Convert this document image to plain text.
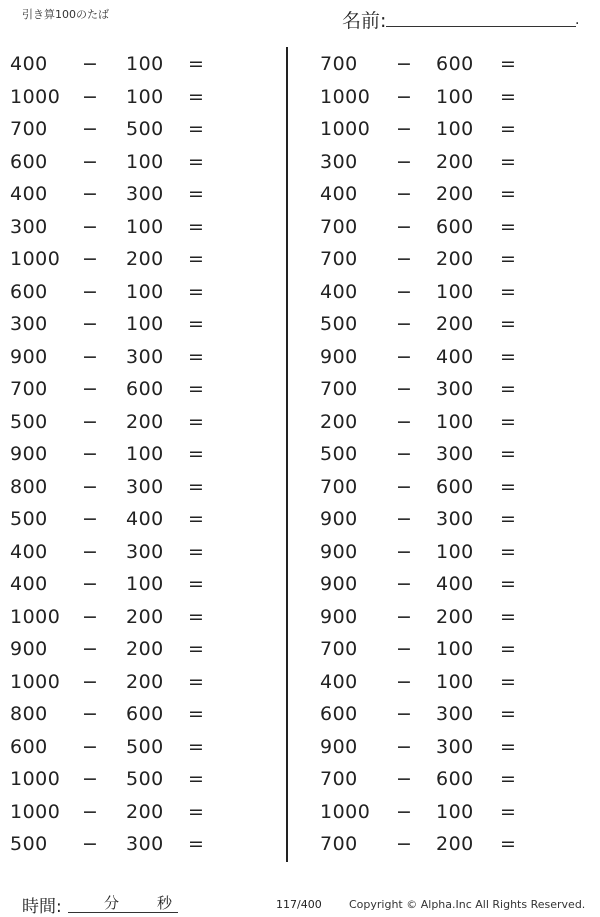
引き算100のたば	名前:	.
400 − 100 =
1000 − 100 =
700 − 500 =
600 − 100 =
400 − 300 =
300 − 100 =
1000 − 200 =
600 − 100 =
300 − 100 =
900 − 300 =
700 − 600 =
500 − 200 =
900 − 100 =
800 − 300 =
500 − 400 =
400 − 300 =
400 − 100 =
1000 − 200 =
900 − 200 =
1000 − 200 =
800 − 600 =
600 − 500 =
1000 − 500 =
1000 − 200 =
500 − 300 =
700 − 600 =
1000 − 100 =
1000 − 100 =
300 − 200 =
400 − 200 =
700 − 600 =
700 − 200 =
400 − 100 =
500 − 200 =
900 − 400 =
700 − 300 =
200 − 100 =
500 − 300 =
700 − 600 =
900 − 300 =
900 − 100 =
900 − 400 =
900 − 200 =
700 − 100 =
400 − 100 =
600 − 300 =
900 − 300 =
700 − 600 =
1000 − 100 =
700 − 200 =
時間:	分	秒	117/400 Copyright © Alpha.Inc All Rights Reserved.
